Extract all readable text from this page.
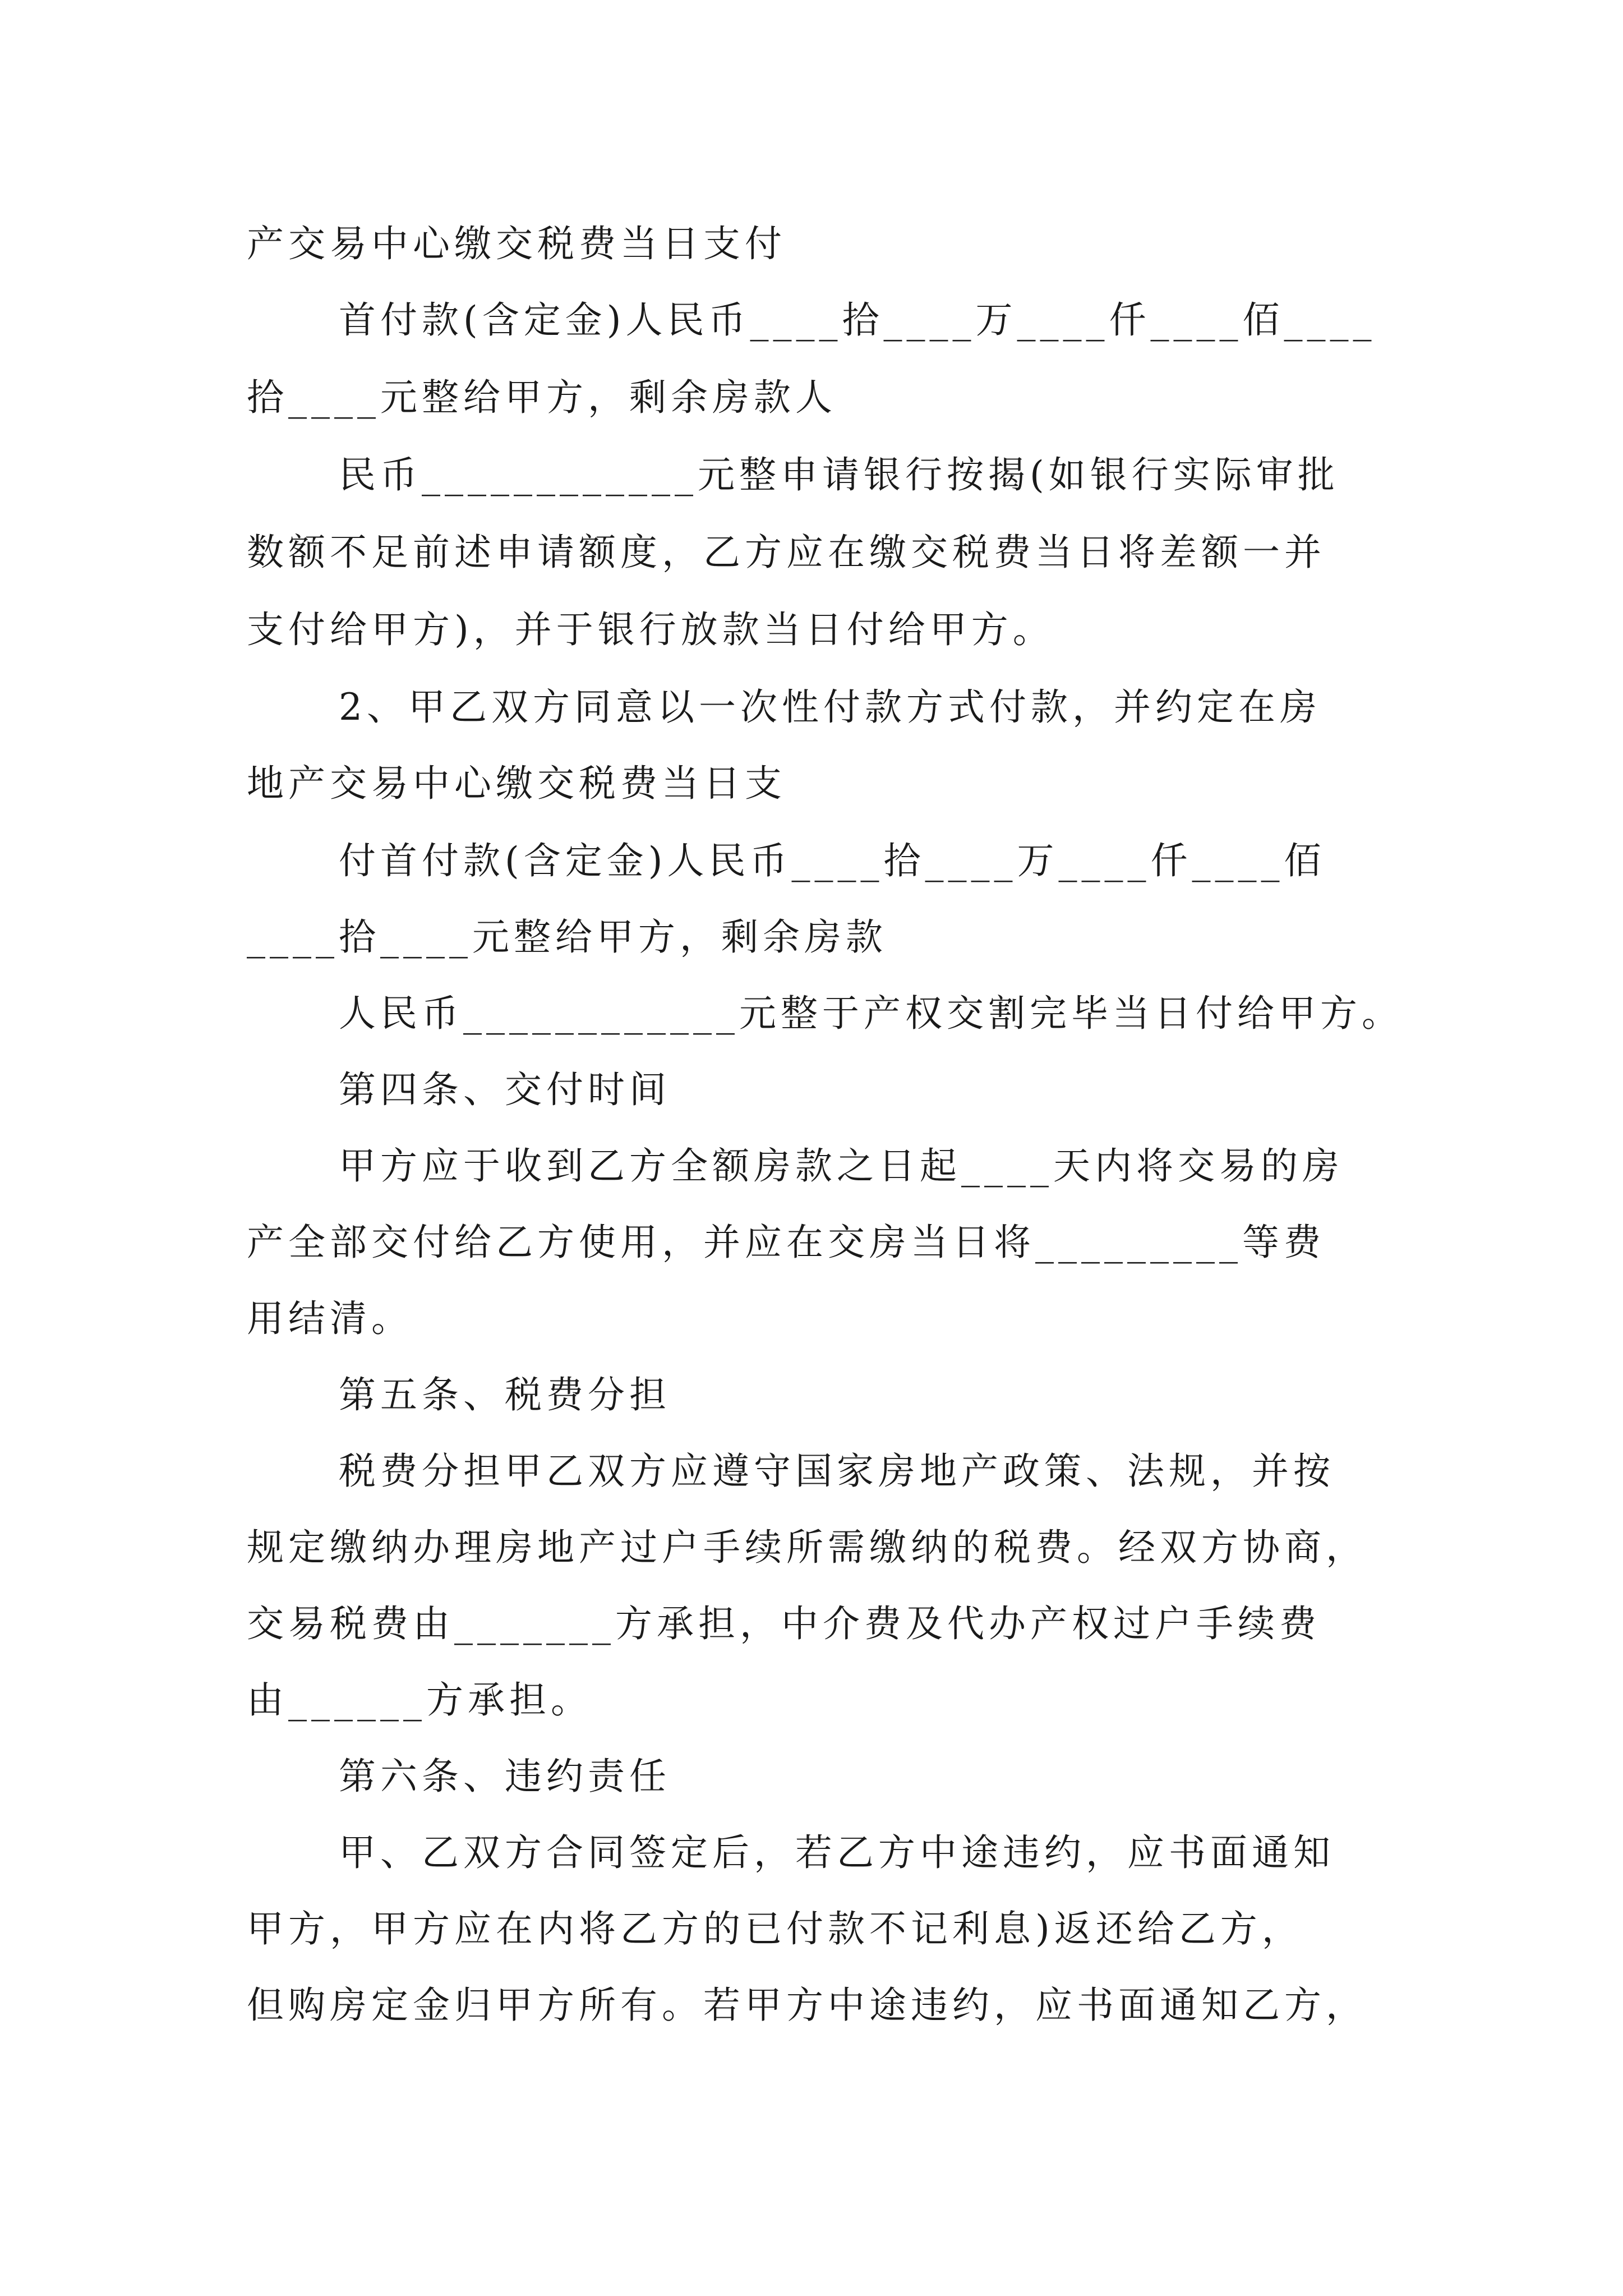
产交易中心缴交税费当日支付
首付款(含定金)人民币____拾____万____仟____佰____
拾____元整给甲方，剩余房款人
民币____________元整申请银行按揭(如银行实际审批
数额不足前述申请额度，乙方应在缴交税费当日将差额一并
支付给甲方)，并于银行放款当日付给甲方。
2、甲乙双方同意以一次性付款方式付款，并约定在房
地产交易中心缴交税费当日支
付首付款(含定金)人民币____拾____万____仟____佰
____拾____元整给甲方，剩余房款
人民币____________元整于产权交割完毕当日付给甲方。
第四条、交付时间
甲方应于收到乙方全额房款之日起____天内将交易的房
产全部交付给乙方使用，并应在交房当日将_________等费
用结清。
第五条、税费分担
税费分担甲乙双方应遵守国家房地产政策、法规，并按
规定缴纳办理房地产过户手续所需缴纳的税费。经双方协商，
交易税费由_______方承担，中介费及代办产权过户手续费
由______方承担。
第六条、违约责任
甲、乙双方合同签定后，若乙方中途违约，应书面通知
甲方，甲方应在内将乙方的已付款不记利息)返还给乙方，
但购房定金归甲方所有。若甲方中途违约，应书面通知乙方，
